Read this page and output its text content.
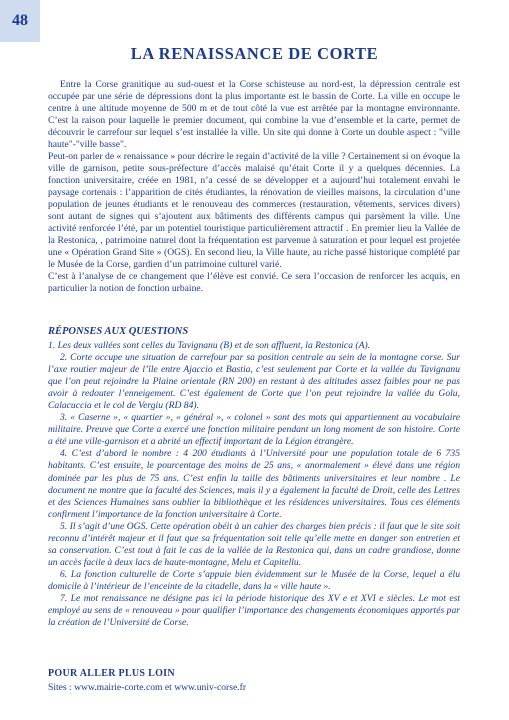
48
LA RENAISSANCE DE CORTE

Entre la Corse granitique au sud-ouest et la Corse schisteuse au nord-est, la dépression centrale est occupée par une série de dépressions dont la plus importante est le bassin de Corte. La ville en occupe le centre à une altitude moyenne de 500 m et de tout côté la vue est arrêtée par la montagne environnante. C’est la raison pour laquelle le premier document, qui combine la vue d’ensemble et la carte, permet de découvrir le carrefour sur lequel s’est installée la ville. Un site qui donne à Corte un double aspect : "ville haute"-"ville basse".

Peut-on parler de « renaissance » pour décrire le regain d’activité de la ville ? Certainement si on évoque la ville de garnison, petite sous-préfecture d’accès malaisé qu’était Corte il y a quelques décennies. La fonction universitaire, créée en 1981, n’a cessé de se développer et a aujourd’hui totalement envahi le paysage cortenais : l’apparition de cités étudiantes, la rénovation de vieilles maisons, la circulation d’une population de jeunes étudiants et le renouveau des commerces (restauration, vêtements, services divers) sont autant de signes qui s’ajoutent aux bâtiments des différents campus qui parsèment la ville. Une activité renforcée l’été, par un potentiel touristique particulièrement attractif . En premier lieu la Vallée de la Restonica, , patrimoine naturel dont la fréquentation est parvenue à saturation et pour lequel est projetée une « Opération Grand Site » (OGS). En second lieu, la Ville haute, au riche passé historique complété par le Musée de la Corse, gardien d’un patrimoine culturel varié.

C’est à l’analyse de ce changement que l’élève est convié. Ce sera l’occasion de renforcer les acquis, en particulier la notion de fonction urbaine.

RÉPONSES AUX QUESTIONS

1. Les deux vallées sont celles du Tavignanu (B) et de son affluent, la Restonica (A).

2. Corte occupe une situation de carrefour par sa position centrale au sein de la montagne corse. Sur l’axe routier majeur de l’île entre Ajaccio et Bastia, c’est seulement par Corte et la vallée du Tavignanu que l’on peut rejoindre la Plaine orientale (RN 200) en restant à des altitudes assez faibles pour ne pas avoir à redouter l’enneigement. C’est également de Corte que l’on peut rejoindre la vallée du Golu, Calacuccia et le col de Vergiu (RD 84).

3. « Caserne », « quartier », « général », « colonel » sont des mots qui appartiennent au vocabulaire militaire. Preuve que Corte a exercé une fonction militaire pendant un long moment de son histoire. Corte a été une ville-garnison et a abrité un effectif important de la Légion étrangère.

4. C’est d’abord le nombre : 4 200 étudiants à l’Université pour une population totale de 6 735 habitants. C’est ensuite, le pourcentage des moins de 25 ans, « anormalement » élevé dans une région dominée par les plus de 75 ans. C’est enfin la taille des bâtiments universitaires et leur nombre . Le document ne montre que la faculté des Sciences, mais il y a également la faculté de Droit, celle des Lettres et des Sciences Humaines sans oublier la bibliothèque et les résidences universitaires. Tous ces éléments confirment l’importance de la fonction universitaire à Corte.

5. Il s’agit d’une OGS. Cette opération obéit à un cahier des charges bien précis : il faut que le site soit reconnu d’intérêt majeur et il faut que sa fréquentation soit telle qu’elle mette en danger son entretien et sa conservation. C’est tout à fait le cas de la vallée de la Restonica qui, dans un cadre grandiose, donne un accès facile à deux lacs de haute-montagne, Melu et Capitellu.

6. La fonction culturelle de Corte s’appuie bien évidemment sur le Musée de la Corse, lequel a élu domicile à l’intérieur de l’enceinte de la citadelle, dans la « ville haute ».

7. Le mot renaissance ne désigne pas ici la période historique des XV e et XVI e siècles. Le mot est employé au sens de « renouveau » pour qualifier l’importance des changements économiques apportés par la création de l’Université de Corse.

POUR ALLER PLUS LOIN
Sites : www.mairie-corte.com et www.univ-corse.fr
